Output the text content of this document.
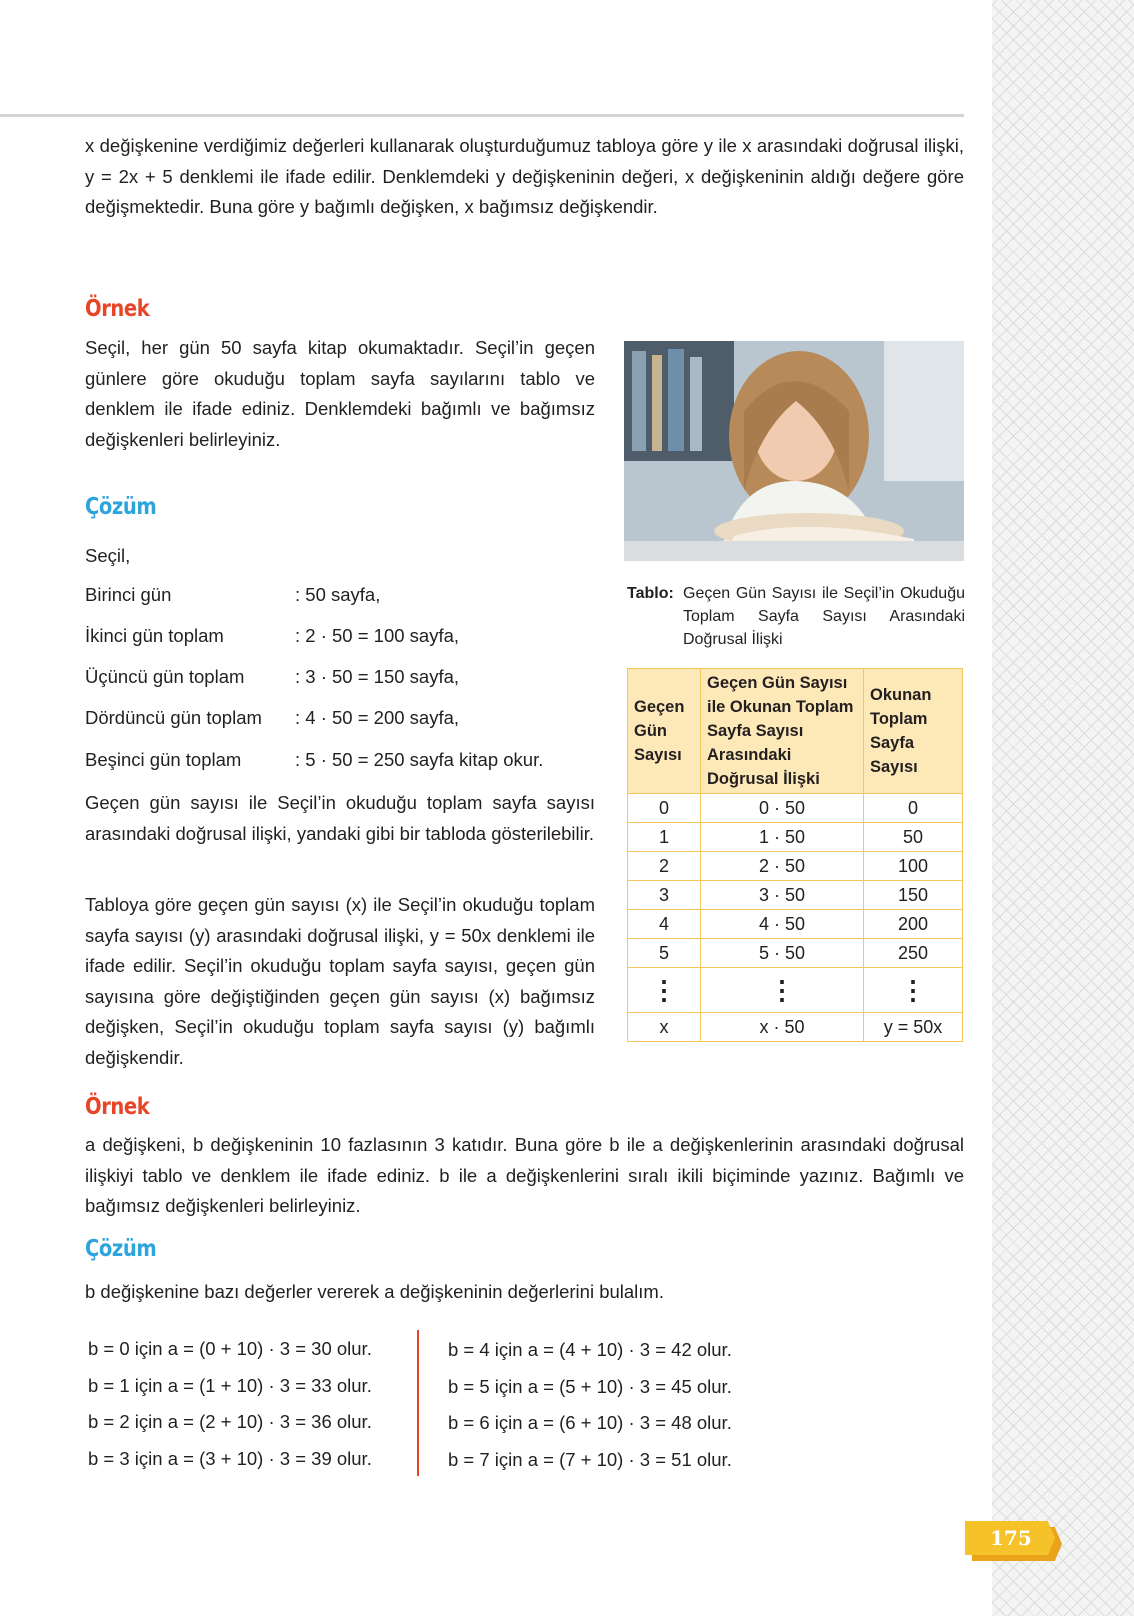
x değişkenine verdiğimiz değerleri kullanarak oluşturduğumuz tabloya göre y ile x arasındaki doğrusal ilişki, y = 2x + 5 denklemi ile ifade edilir. Denklemdeki y değişkeninin değeri, x değişkeninin aldığı değere göre değişmektedir. Buna göre y bağımlı değişken, x bağımsız değişkendir.

Örnek

Seçil, her gün 50 sayfa kitap okumaktadır. Seçil’in geçen günlere göre okuduğu toplam sayfa sayılarını tablo ve denklem ile ifade ediniz. Denklemdeki bağımlı ve bağımsız değişkenleri belirleyiniz.

Çözüm
Seçil,
Birinci gün	: 50 sayfa,
İkinci gün toplam	: 2 · 50 = 100 sayfa,
Üçüncü gün toplam	: 3 · 50 = 150 sayfa,
Dördüncü gün toplam : 4 · 50 = 200 sayfa,
Beşinci gün toplam	: 5 · 50 = 250 sayfa kitap okur.

Geçen gün sayısı ile Seçil’in okuduğu toplam sayfa sayısı arasındaki doğrusal ilişki, yandaki gibi bir tabloda gösterilebilir.

Tabloya göre geçen gün sayısı (x) ile Seçil’in okuduğu toplam sayfa sayısı (y) arasındaki doğrusal ilişki, y = 50x denklemi ile ifade edilir. Seçil’in okuduğu toplam sayfa sayısı, geçen gün sayısına göre değiştiğinden geçen gün sayısı (x) bağımsız değişken, Seçil’in okuduğu toplam sayfa sayısı (y) bağımlı değişkendir.

Tablo: Geçen Gün Sayısı ile Seçil’in Okuduğu Toplam Sayfa Sayısı Arasındaki Doğrusal İlişki
Geçen Gün Sayısı	Geçen Gün Sayısı ile Okunan Toplam Sayfa Sayısı Arasındaki Doğrusal İlişki	Okunan Toplam Sayfa Sayısı
0	0 · 50	0
1	1 · 50	50
2	2 · 50	100
3	3 · 50	150
4	4 · 50	200
5	5 · 50	250
⋮	⋮	⋮
x	x · 50	y = 50x
Örnek

a değişkeni, b değişkeninin 10 fazlasının 3 katıdır. Buna göre b ile a değişkenlerinin arasındaki doğrusal ilişkiyi tablo ve denklem ile ifade ediniz. b ile a değişkenlerini sıralı ikili biçiminde yazınız. Bağımlı ve bağımsız değişkenleri belirleyiniz.

Çözüm
b değişkenine bazı değerler vererek a değişkeninin değerlerini bulalım.
b = 0 için a = (0 + 10) · 3 = 30 olur.
b = 1 için a = (1 + 10) · 3 = 33 olur.
b = 2 için a = (2 + 10) · 3 = 36 olur.
b = 3 için a = (3 + 10) · 3 = 39 olur.
b = 4 için a = (4 + 10) · 3 = 42 olur.
b = 5 için a = (5 + 10) · 3 = 45 olur.
b = 6 için a = (6 + 10) · 3 = 48 olur.
b = 7 için a = (7 + 10) · 3 = 51 olur.
175
